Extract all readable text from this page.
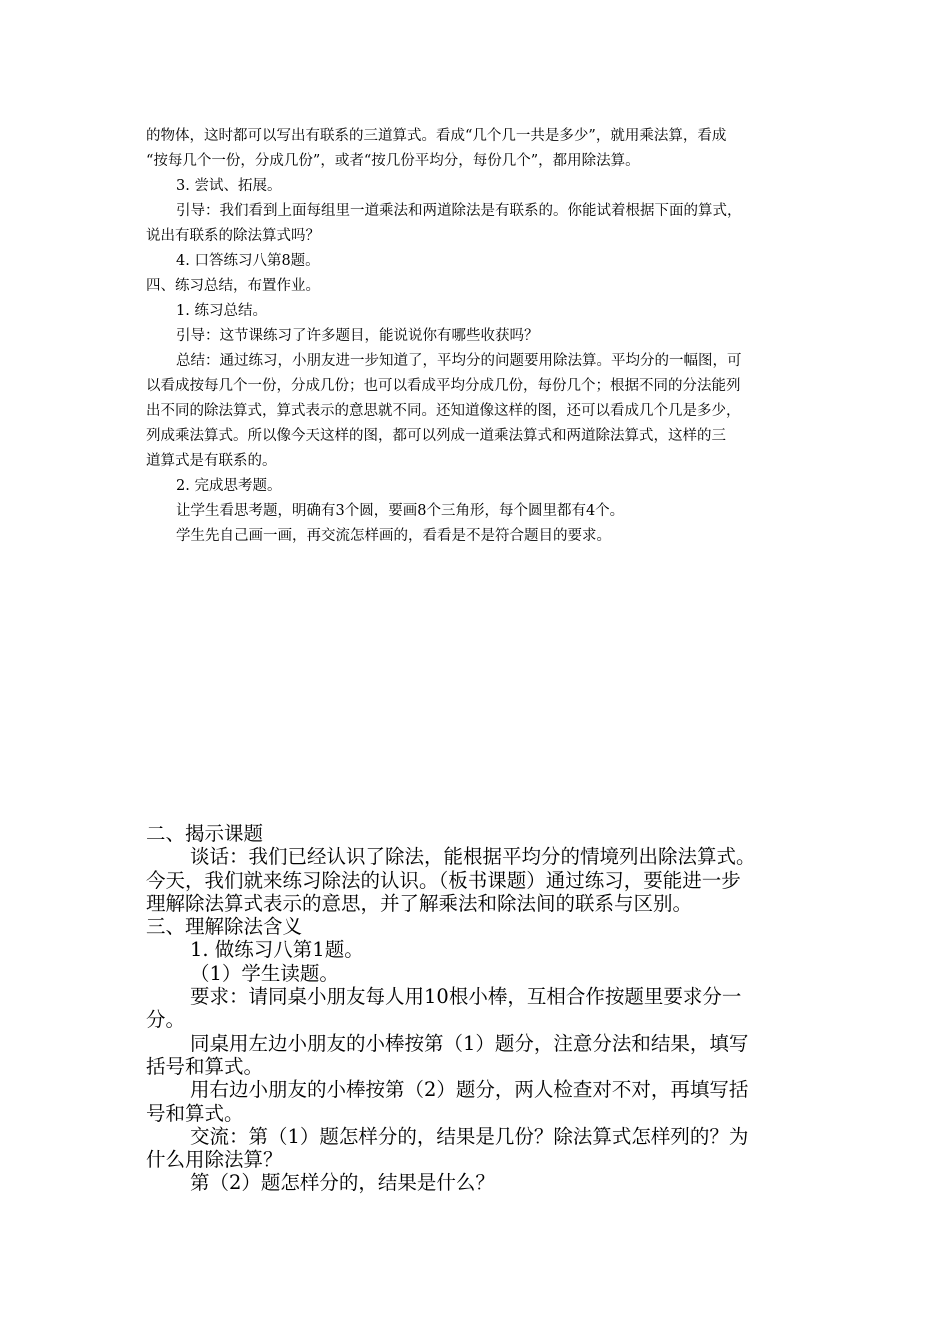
的物体，这时都可以写出有联系的三道算式。看成“几个几一共是多少”，就用乘法算，看成

“按每几个一份，分成几份”，或者“按几份平均分，每份几个”，都用除法算。

3. 尝试、拓展。

引导：我们看到上面每组里一道乘法和两道除法是有联系的。你能试着根据下面的算式，

说出有联系的除法算式吗？

4. 口答练习八第8题。

四、练习总结，布置作业。

1. 练习总结。

引导：这节课练习了许多题目，能说说你有哪些收获吗？

总结：通过练习，小朋友进一步知道了，平均分的问题要用除法算。平均分的一幅图，可

以看成按每几个一份，分成几份；也可以看成平均分成几份，每份几个；根据不同的分法能列

出不同的除法算式，算式表示的意思就不同。还知道像这样的图，还可以看成几个几是多少，

列成乘法算式。所以像今天这样的图，都可以列成一道乘法算式和两道除法算式，这样的三

道算式是有联系的。

2. 完成思考题。

让学生看思考题，明确有3个圆，要画8个三角形，每个圆里都有4个。

学生先自己画一画，再交流怎样画的，看看是不是符合题目的要求。

二、揭示课题

谈话：我们已经认识了除法，能根据平均分的情境列出除法算式。

今天，我们就来练习除法的认识。（板书课题）通过练习，要能进一步

理解除法算式表示的意思，并了解乘法和除法间的联系与区别。

三、理解除法含义

1. 做练习八第1题。

（1）学生读题。

要求：请同桌小朋友每人用10根小棒，互相合作按题里要求分一

分。

同桌用左边小朋友的小棒按第（1）题分，注意分法和结果，填写

括号和算式。

用右边小朋友的小棒按第（2）题分，两人检查对不对，再填写括

号和算式。

交流：第（1）题怎样分的，结果是几份？除法算式怎样列的？为

什么用除法算？

第（2）题怎样分的，结果是什么？
